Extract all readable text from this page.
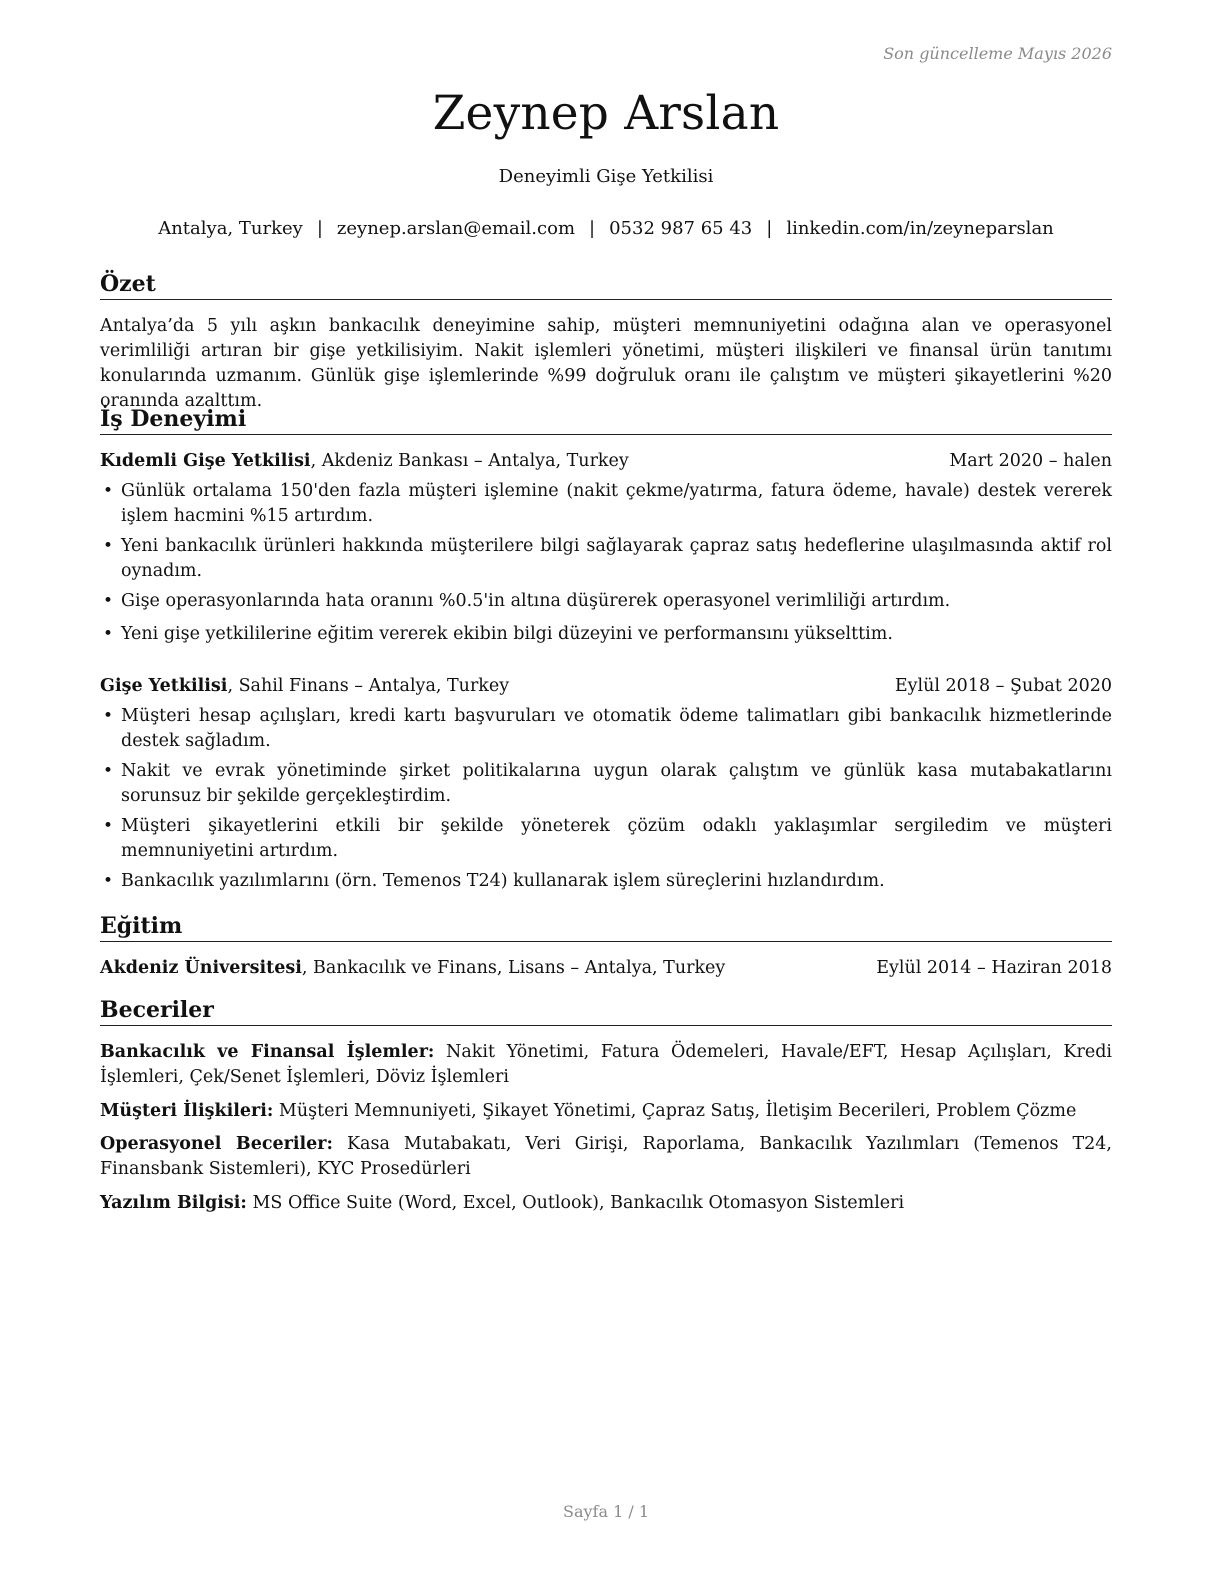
Son güncelleme Mayıs 2026
Zeynep Arslan
Deneyimli Gişe Yetkilisi
Antalya, Turkey | zeynep.arslan@email.com | 0532 987 65 43 | linkedin.com/in/zeyneparslan
Özet
Antalya’da 5 yılı aşkın bankacılık deneyimine sahip, müşteri memnuniyetini odağına alan ve operasyonel verimliliği artıran bir gişe yetkilisiyim. Nakit işlemleri yönetimi, müşteri ilişkileri ve finansal ürün tanıtımı konularında uzmanım. Günlük gişe işlemlerinde %99 doğruluk oranı ile çalıştım ve müşteri şikayetlerini %20 oranında azalttım.
İş Deneyimi
Kıdemli Gişe Yetkilisi, Akdeniz Bankası – Antalya, Turkey	Mart 2020 – halen
• Günlük ortalama 150'den fazla müşteri işlemine (nakit çekme/yatırma, fatura ödeme, havale) destek vererek işlem hacmini %15 artırdım.
• Yeni bankacılık ürünleri hakkında müşterilere bilgi sağlayarak çapraz satış hedeflerine ulaşılmasında aktif rol oynadım.
• Gişe operasyonlarında hata oranını %0.5'in altına düşürerek operasyonel verimliliği artırdım.
• Yeni gişe yetkililerine eğitim vererek ekibin bilgi düzeyini ve performansını yükselttim.
Gişe Yetkilisi, Sahil Finans – Antalya, Turkey	Eylül 2018 – Şubat 2020
• Müşteri hesap açılışları, kredi kartı başvuruları ve otomatik ödeme talimatları gibi bankacılık hizmetlerinde destek sağladım.
• Nakit ve evrak yönetiminde şirket politikalarına uygun olarak çalıştım ve günlük kasa mutabakatlarını sorunsuz bir şekilde gerçekleştirdim.
• Müşteri şikayetlerini etkili bir şekilde yöneterek çözüm odaklı yaklaşımlar sergiledim ve müşteri memnuniyetini artırdım.
• Bankacılık yazılımlarını (örn. Temenos T24) kullanarak işlem süreçlerini hızlandırdım.
Eğitim
Akdeniz Üniversitesi, Bankacılık ve Finans, Lisans – Antalya, Turkey	Eylül 2014 – Haziran 2018
Beceriler
Bankacılık ve Finansal İşlemler: Nakit Yönetimi, Fatura Ödemeleri, Havale/EFT, Hesap Açılışları, Kredi İşlemleri, Çek/Senet İşlemleri, Döviz İşlemleri
Müşteri İlişkileri: Müşteri Memnuniyeti, Şikayet Yönetimi, Çapraz Satış, İletişim Becerileri, Problem Çözme
Operasyonel Beceriler: Kasa Mutabakatı, Veri Girişi, Raporlama, Bankacılık Yazılımları (Temenos T24, Finansbank Sistemleri), KYC Prosedürleri
Yazılım Bilgisi: MS Office Suite (Word, Excel, Outlook), Bankacılık Otomasyon Sistemleri
Sayfa 1 / 1
